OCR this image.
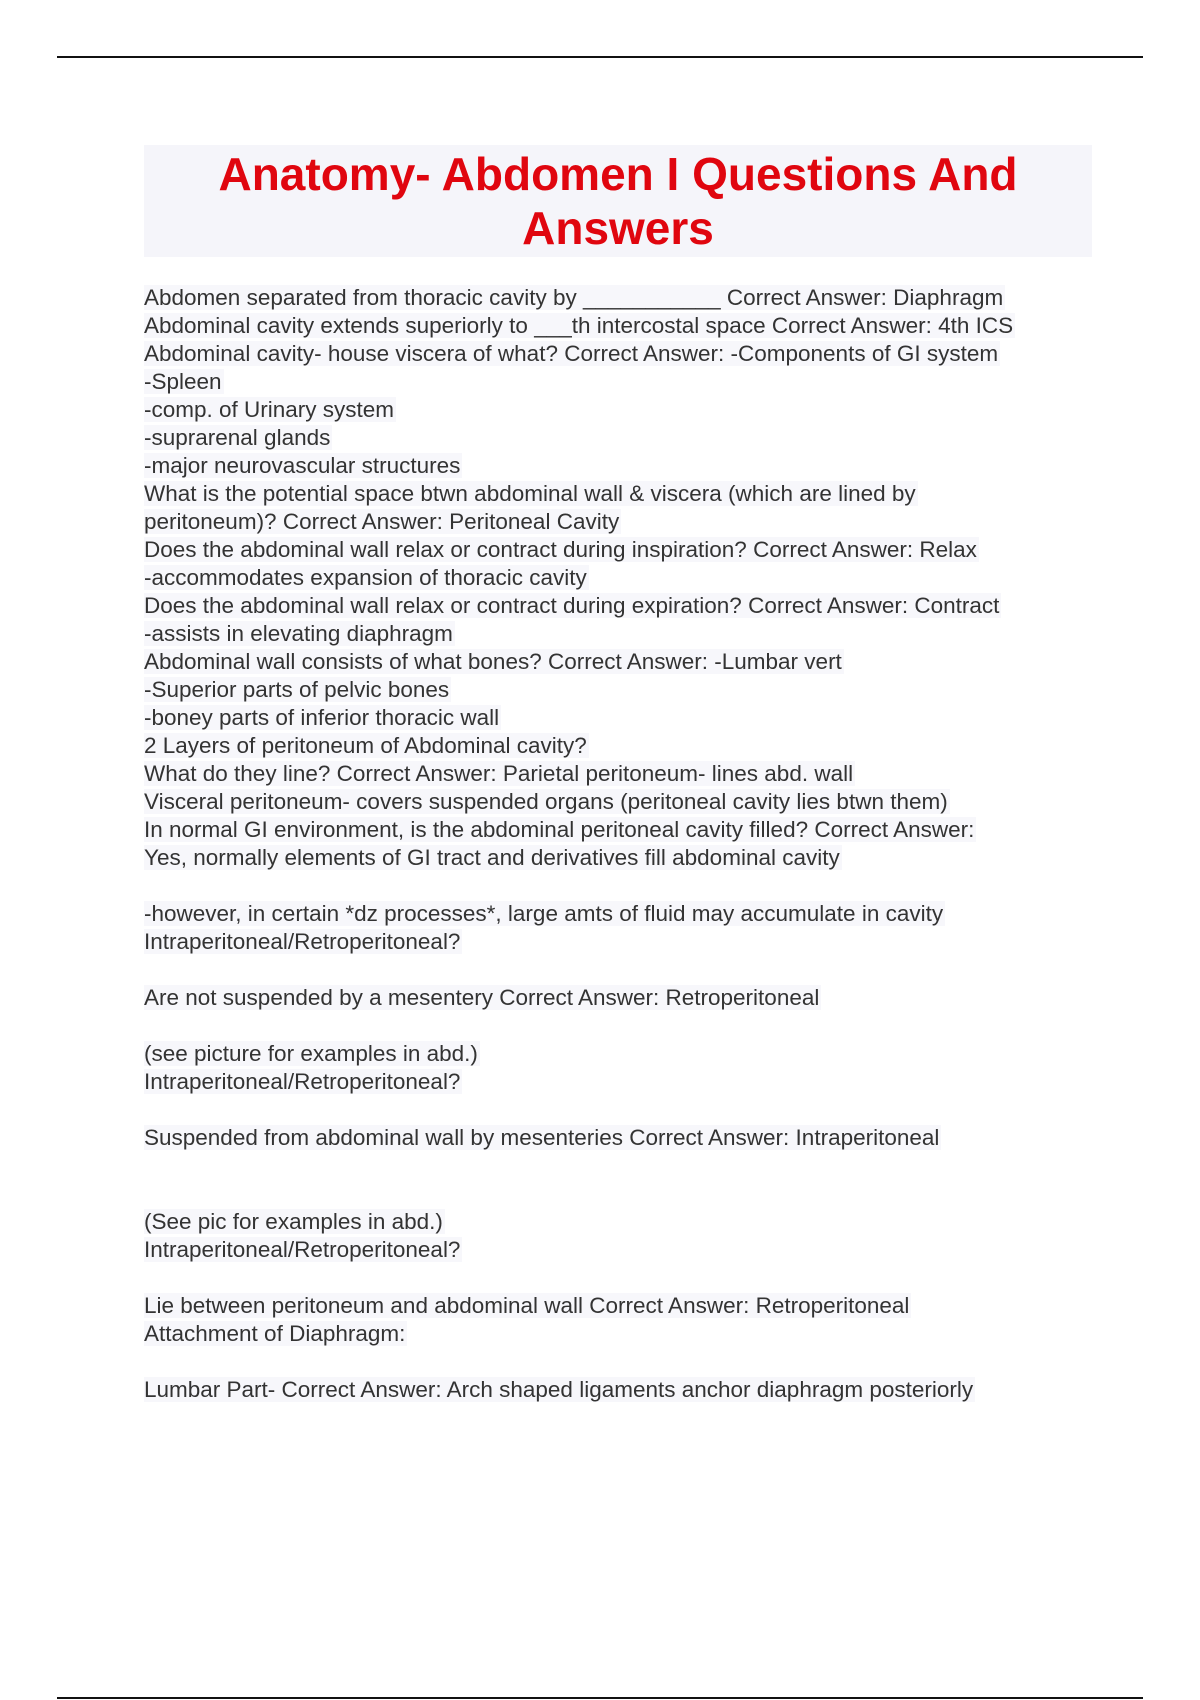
Anatomy- Abdomen I Questions And Answers
Abdomen separated from thoracic cavity by ___________ Correct Answer: Diaphragm
Abdominal cavity extends superiorly to ___th intercostal space Correct Answer: 4th ICS
Abdominal cavity- house viscera of what? Correct Answer: -Components of GI system
-Spleen
-comp. of Urinary system
-suprarenal glands
-major neurovascular structures
What is the potential space btwn abdominal wall & viscera (which are lined by
peritoneum)? Correct Answer: Peritoneal Cavity
Does the abdominal wall relax or contract during inspiration? Correct Answer: Relax
-accommodates expansion of thoracic cavity
Does the abdominal wall relax or contract during expiration? Correct Answer: Contract
-assists in elevating diaphragm
Abdominal wall consists of what bones? Correct Answer: -Lumbar vert
-Superior parts of pelvic bones
-boney parts of inferior thoracic wall
2 Layers of peritoneum of Abdominal cavity?
What do they line? Correct Answer: Parietal peritoneum- lines abd. wall
Visceral peritoneum- covers suspended organs (peritoneal cavity lies btwn them)
In normal GI environment, is the abdominal peritoneal cavity filled? Correct Answer:
Yes, normally elements of GI tract and derivatives fill abdominal cavity
-however, in certain *dz processes*, large amts of fluid may accumulate in cavity
Intraperitoneal/Retroperitoneal?
Are not suspended by a mesentery Correct Answer: Retroperitoneal
(see picture for examples in abd.)
Intraperitoneal/Retroperitoneal?
Suspended from abdominal wall by mesenteries Correct Answer: Intraperitoneal
(See pic for examples in abd.)
Intraperitoneal/Retroperitoneal?
Lie between peritoneum and abdominal wall Correct Answer: Retroperitoneal
Attachment of Diaphragm:
Lumbar Part- Correct Answer: Arch shaped ligaments anchor diaphragm posteriorly
